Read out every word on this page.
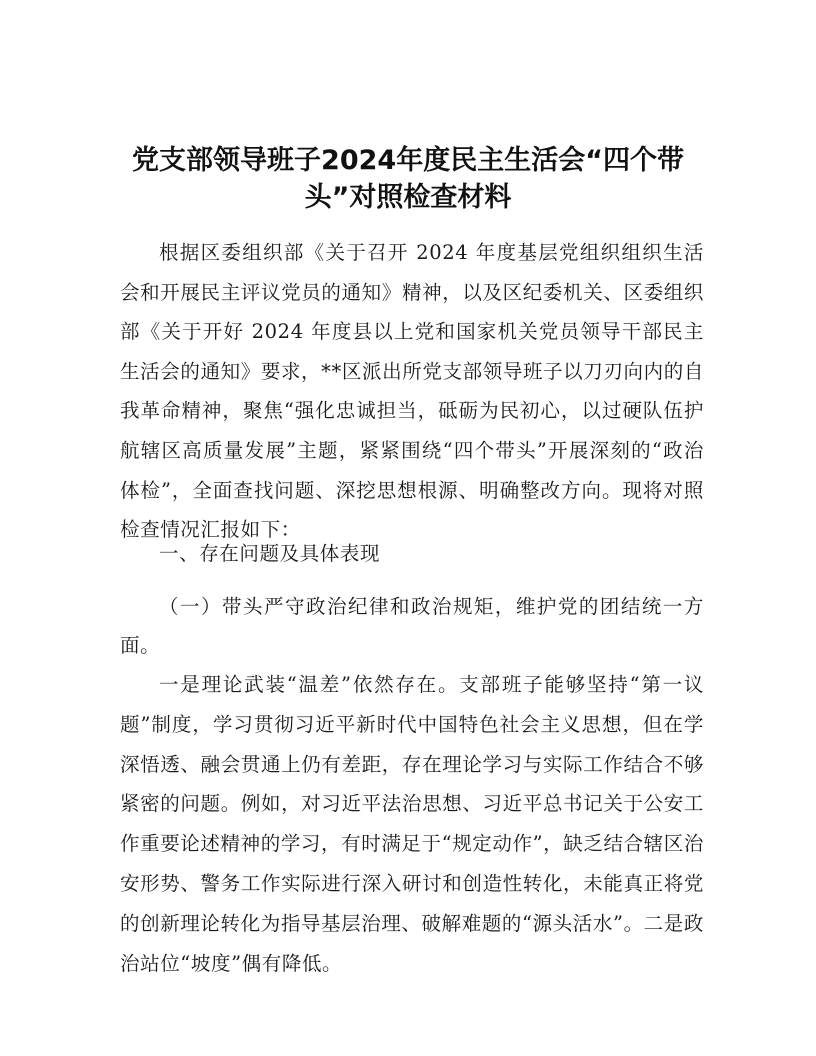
党支部领导班子2024年度民主生活会“四个带头”对照检查材料

根据区委组织部《关于召开 2024 年度基层党组织组织生活会和开展民主评议党员的通知》精神，以及区纪委机关、区委组织部《关于开好 2024 年度县以上党和国家机关党员领导干部民主生活会的通知》要求，**区派出所党支部领导班子以刀刃向内的自我革命精神，聚焦“强化忠诚担当，砥砺为民初心，以过硬队伍护航辖区高质量发展”主题，紧紧围绕“四个带头”开展深刻的“政治体检”，全面查找问题、深挖思想根源、明确整改方向。现将对照检查情况汇报如下：

一、存在问题及具体表现

（一）带头严守政治纪律和政治规矩，维护党的团结统一方面。

一是理论武装“温差”依然存在。支部班子能够坚持“第一议题”制度，学习贯彻习近平新时代中国特色社会主义思想，但在学深悟透、融会贯通上仍有差距，存在理论学习与实际工作结合不够紧密的问题。例如，对习近平法治思想、习近平总书记关于公安工作重要论述精神的学习，有时满足于“规定动作”，缺乏结合辖区治安形势、警务工作实际进行深入研讨和创造性转化，未能真正将党的创新理论转化为指导基层治理、破解难题的“源头活水”。二是政治站位“坡度”偶有降低。
